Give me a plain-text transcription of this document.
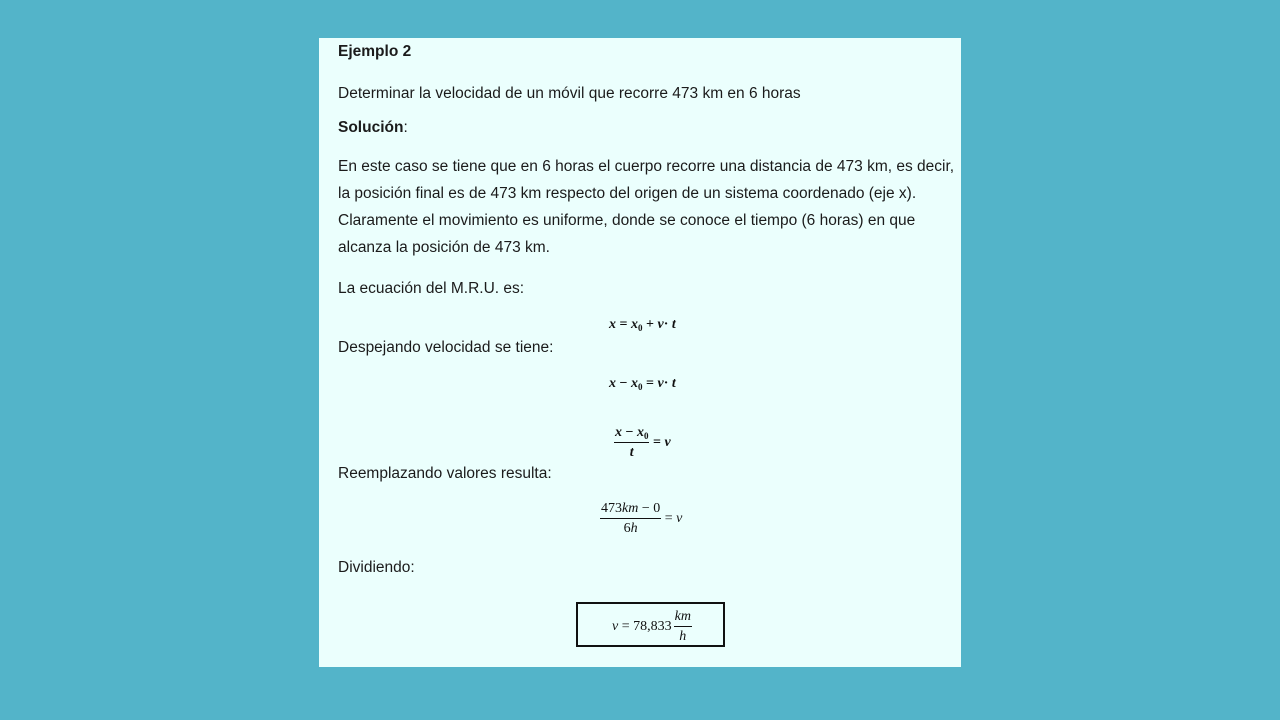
Ejemplo 2
Determinar la velocidad de un móvil que recorre 473 km en 6 horas
Solución:
En este caso se tiene que en 6 horas el cuerpo recorre una distancia de 473 km, es decir,
la posición final es de 473 km respecto del origen de un sistema coordenado (eje x).
Claramente el movimiento es uniforme, donde se conoce el tiempo (6 horas) en que
alcanza la posición de 473 km.
La ecuación del M.R.U. es:
$x = x_0 + v\cdot t$
Despejando velocidad se tiene:
$x - x_0 = v\cdot t$
$\frac{x - x_0}{t} = v$
Reemplazando valores resulta:
$\frac{473km - 0}{6h} = v$
Dividiendo:
$v = 78,833 \frac{km}{h}$
